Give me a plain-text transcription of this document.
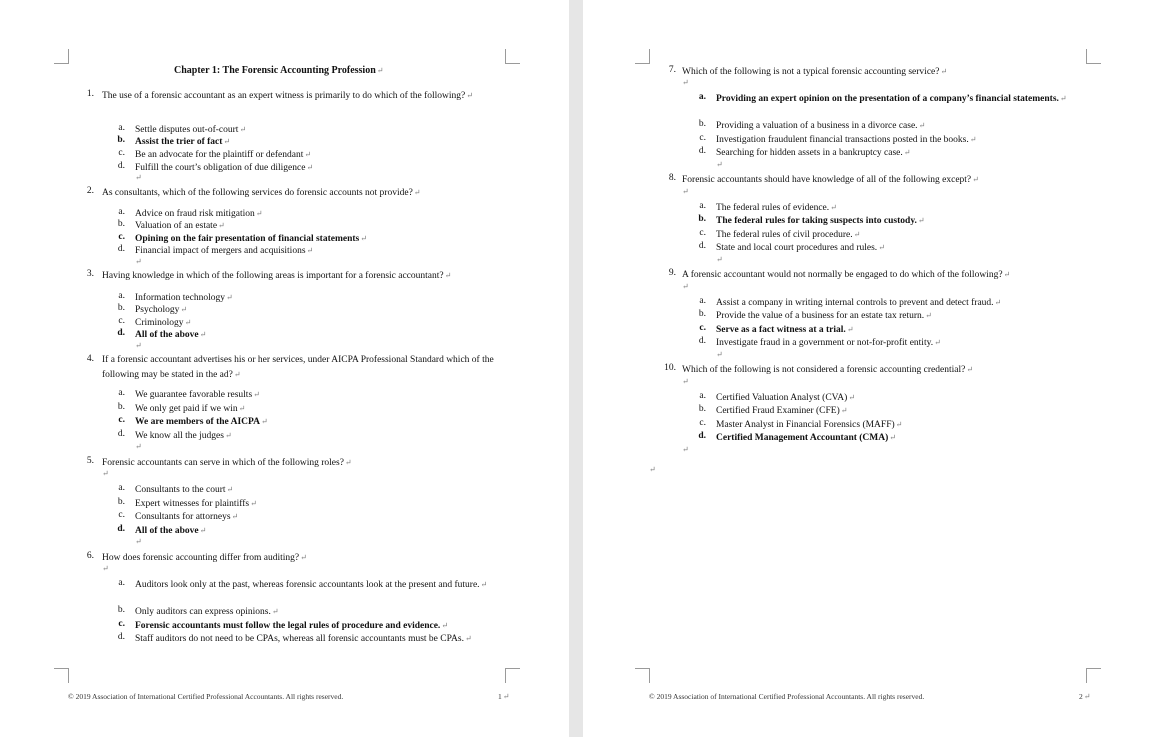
Chapter 1: The Forensic Accounting Profession ↵
1. The use of a forensic accountant as an expert witness is primarily to do which of the following? ↵
a. Settle disputes out-of-court ↵
b. Assist the trier of fact ↵
c. Be an advocate for the plaintiff or defendant ↵
d. Fulfill the court’s obligation of due diligence ↵
↵
2. As consultants, which of the following services do forensic accounts not provide? ↵
a. Advice on fraud risk mitigation ↵
b. Valuation of an estate ↵
c. Opining on the fair presentation of financial statements ↵
d. Financial impact of mergers and acquisitions ↵
↵
3. Having knowledge in which of the following areas is important for a forensic accountant? ↵
a. Information technology ↵
b. Psychology ↵
c. Criminology ↵
d. All of the above ↵
↵
4. If a forensic accountant advertises his or her services, under AICPA Professional Standard which of the following may be stated in the ad? ↵
a. We guarantee favorable results ↵
b. We only get paid if we win ↵
c. We are members of the AICPA ↵
d. We know all the judges ↵
↵
5. Forensic accountants can serve in which of the following roles? ↵
↵
a. Consultants to the court ↵
b. Expert witnesses for plaintiffs ↵
c. Consultants for attorneys ↵
d. All of the above ↵
↵
6. How does forensic accounting differ from auditing? ↵
↵
a. Auditors look only at the past, whereas forensic accountants look at the present and future. ↵
b. Only auditors can express opinions. ↵
c. Forensic accountants must follow the legal rules of procedure and evidence. ↵
d. Staff auditors do not need to be CPAs, whereas all forensic accountants must be CPAs. ↵
© 2019 Association of International Certified Professional Accountants. All rights reserved.	1 ↵
7. Which of the following is not a typical forensic accounting service? ↵
↵
a. Providing an expert opinion on the presentation of a company’s financial statements. ↵
b. Providing a valuation of a business in a divorce case. ↵
c. Investigation fraudulent financial transactions posted in the books. ↵
d. Searching for hidden assets in a bankruptcy case. ↵
↵
8. Forensic accountants should have knowledge of all of the following except? ↵
↵
a. The federal rules of evidence. ↵
b. The federal rules for taking suspects into custody. ↵
c. The federal rules of civil procedure. ↵
d. State and local court procedures and rules. ↵
↵
9. A forensic accountant would not normally be engaged to do which of the following? ↵
↵
a. Assist a company in writing internal controls to prevent and detect fraud. ↵
b. Provide the value of a business for an estate tax return. ↵
c. Serve as a fact witness at a trial. ↵
d. Investigate fraud in a government or not-for-profit entity. ↵
↵
10. Which of the following is not considered a forensic accounting credential? ↵
↵
a. Certified Valuation Analyst (CVA) ↵
b. Certified Fraud Examiner (CFE) ↵
c. Master Analyst in Financial Forensics (MAFF) ↵
d. Certified Management Accountant (CMA) ↵
↵
↵
© 2019 Association of International Certified Professional Accountants. All rights reserved.	2 ↵
